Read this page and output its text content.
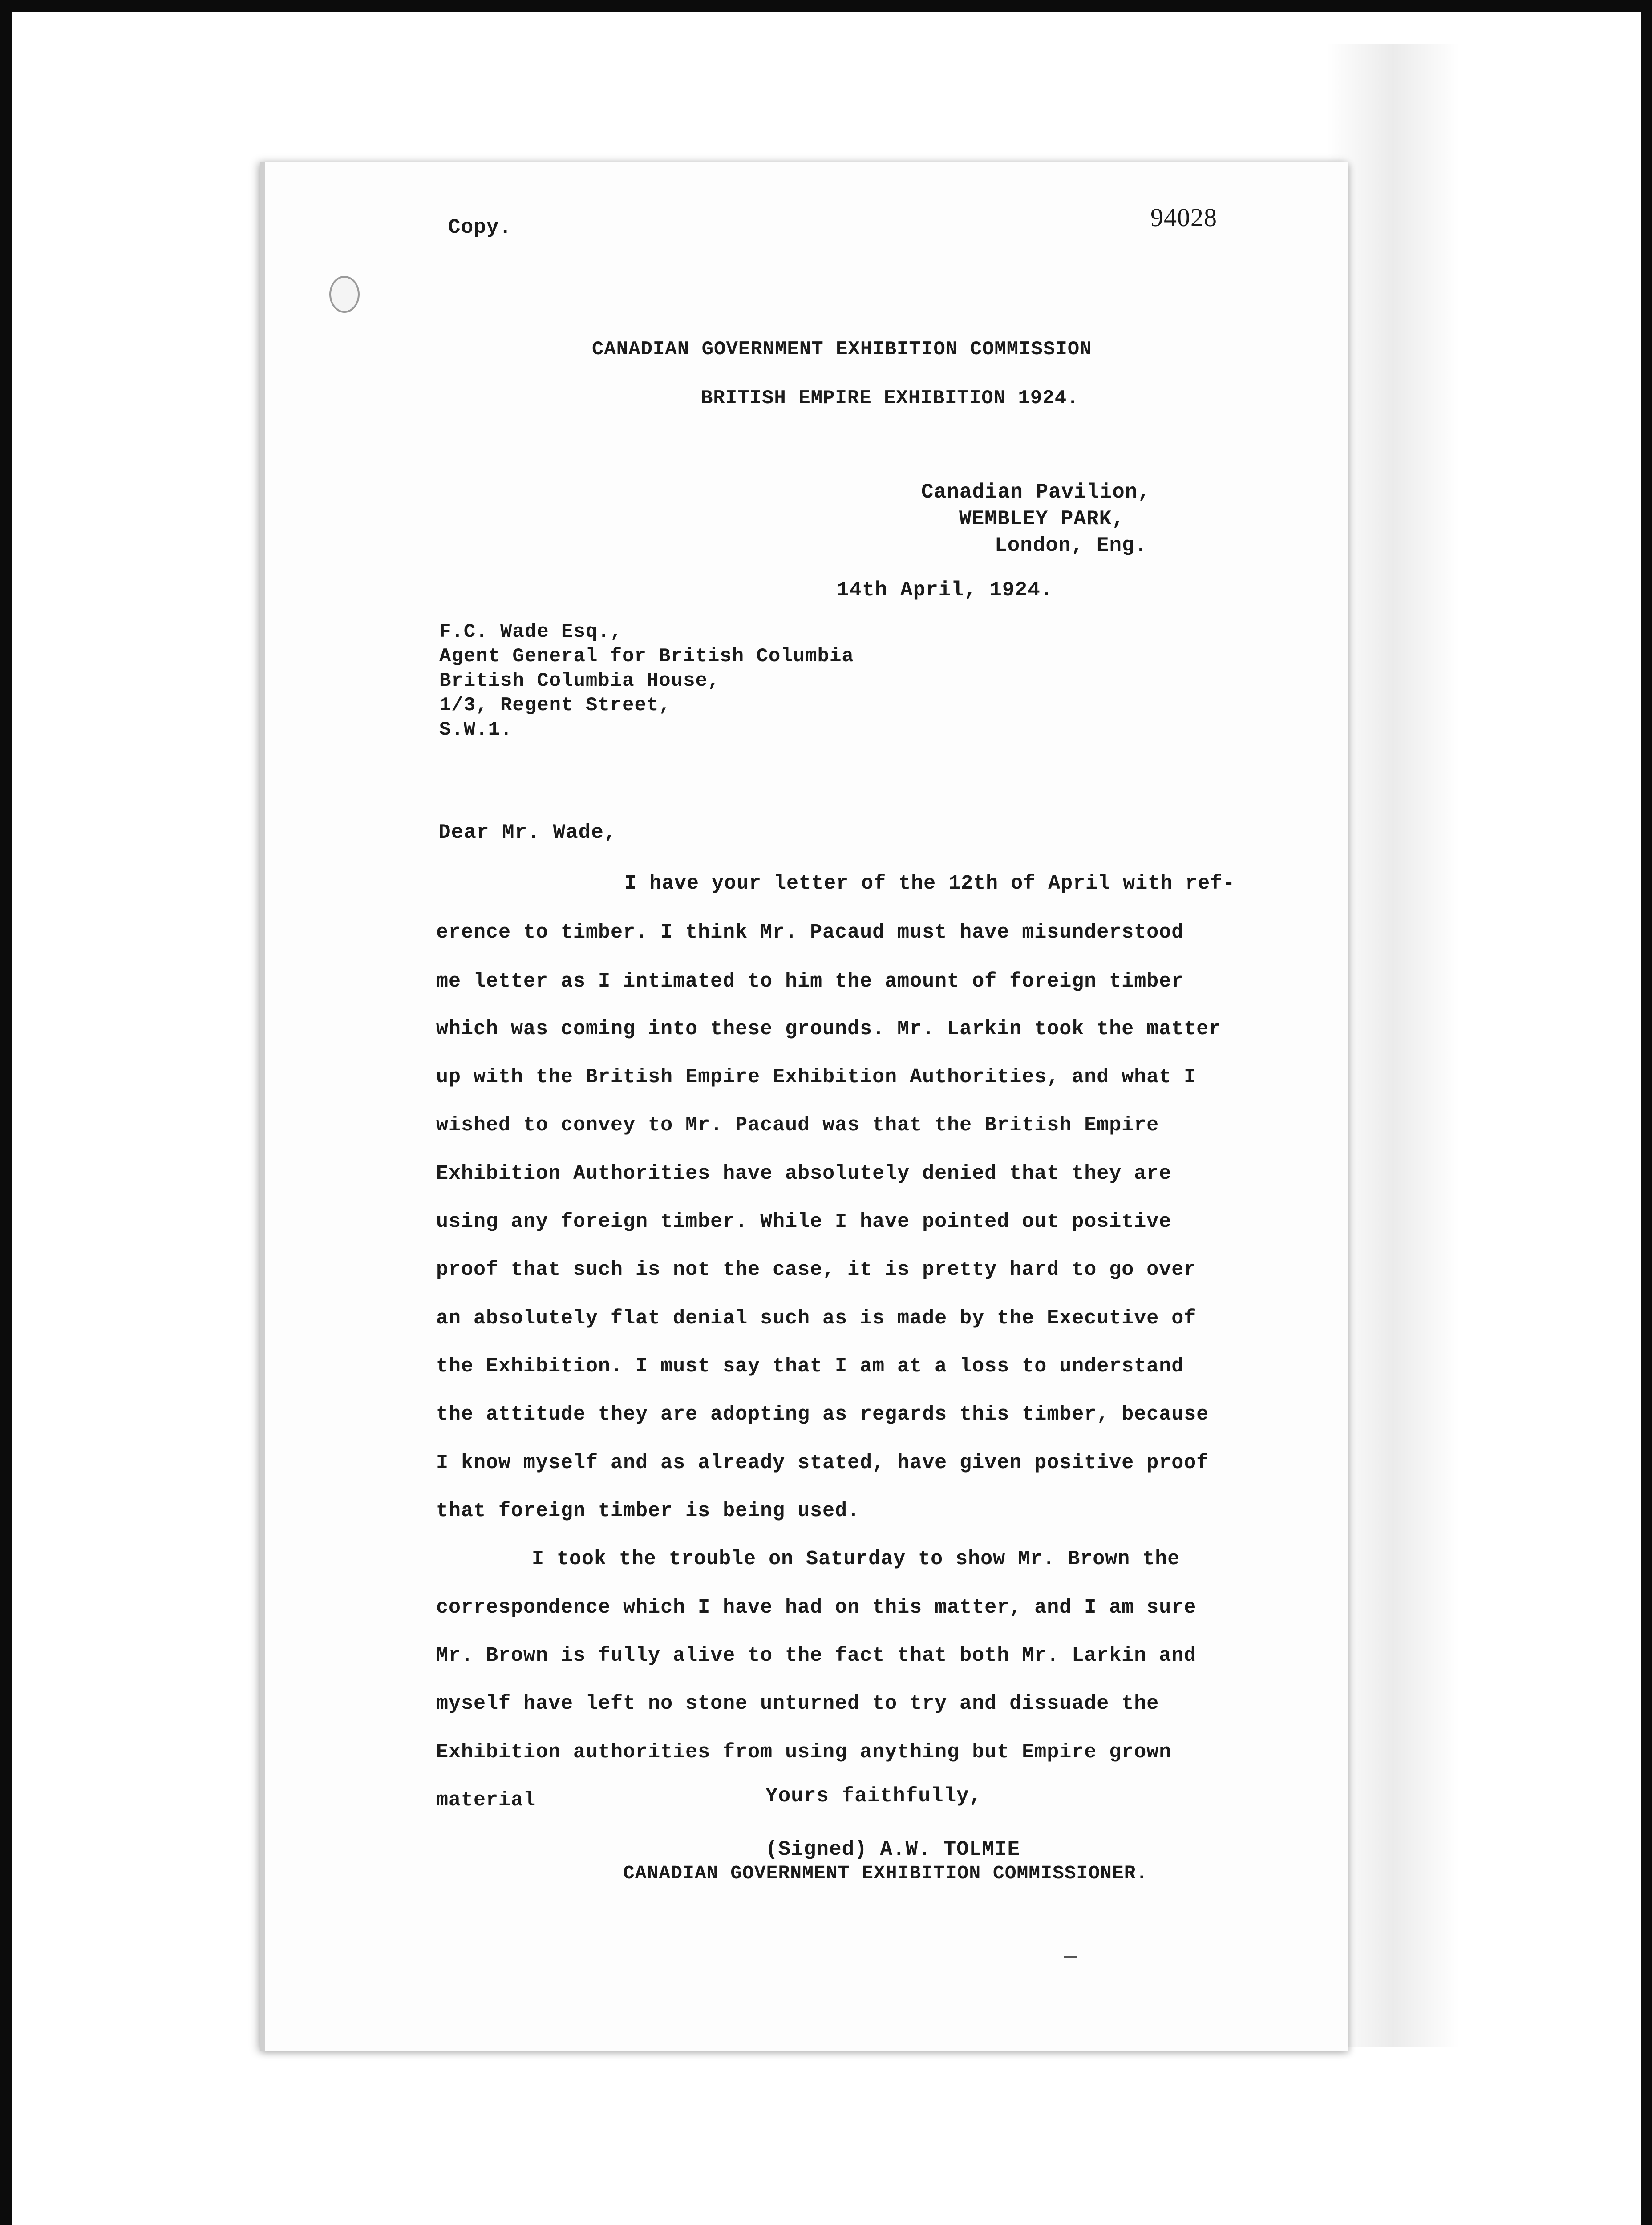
Copy.	94028
CANADIAN GOVERNMENT EXHIBITION COMMISSION
BRITISH EMPIRE EXHIBITION 1924.
Canadian Pavilion,
WEMBLEY PARK,
London, Eng.
14th April, 1924.
F.C. Wade Esq.,
Agent General for British Columbia
British Columbia House,
1/3, Regent Street,
S.W.1.
Dear Mr. Wade,
I have your letter of the 12th of April with ref-
erence to timber. I think Mr. Pacaud must have misunderstood
me letter as I intimated to him the amount of foreign timber
which was coming into these grounds. Mr. Larkin took the matter
up with the British Empire Exhibition Authorities, and what I
wished to convey to Mr. Pacaud was that the British Empire
Exhibition Authorities have absolutely denied that they are
using any foreign timber. While I have pointed out positive
proof that such is not the case, it is pretty hard to go over
an absolutely flat denial such as is made by the Executive of
the Exhibition. I must say that I am at a loss to understand
the attitude they are adopting as regards this timber, because
I know myself and as already stated, have given positive proof
that foreign timber is being used.
I took the trouble on Saturday to show Mr. Brown the
correspondence which I have had on this matter, and I am sure
Mr. Brown is fully alive to the fact that both Mr. Larkin and
myself have left no stone unturned to try and dissuade the
Exhibition authorities from using anything but Empire grown
material	Yours faithfully,
(Signed) A.W. TOLMIE
CANADIAN GOVERNMENT EXHIBITION COMMISSIONER.
